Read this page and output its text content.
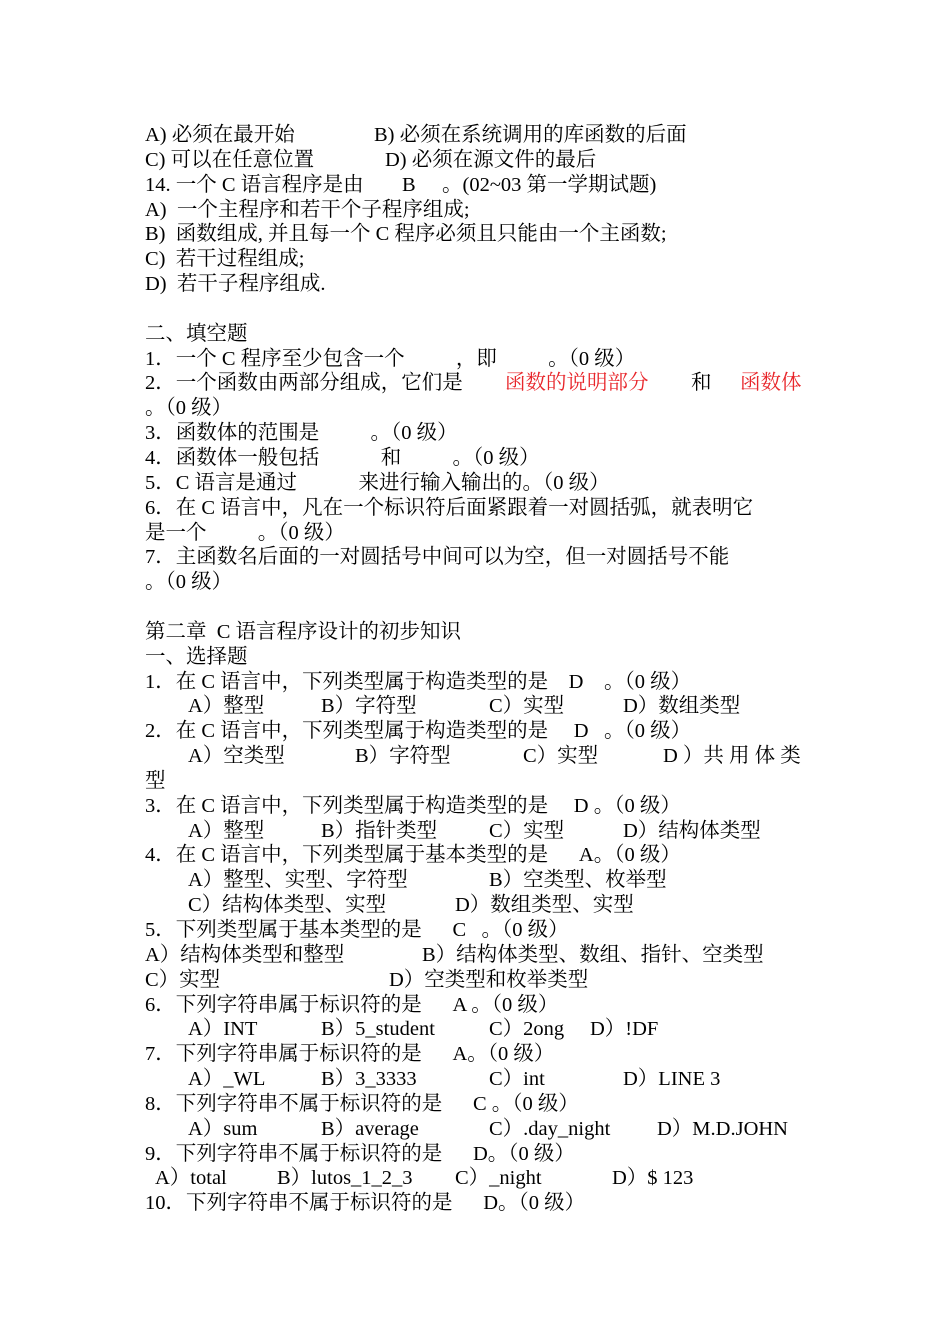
A) 必须在最开始

	B) 必须在系统调用的库函数的后面

C) 可以在任意位置

	D) 必须在源文件的最后

14. 一个 C 语言程序是由

B

。(02~03 第一学期试题)

A)  一个主程序和若干个子程序组成;
B)  函数组成, 并且每一个 C 程序必须且只能由一个主函数;
C)  若干过程组成;
D)  若干子程序组成.
二、填空题
1．一个 C 程序至少包含一个          ，即          。（0 级）

2．一个函数由两部分组成，它们是

函数的说明部分

和

函数体

。（0 级）
3．函数体的范围是          。（0 级）
4．函数体一般包括            和          。（0 级）
5．C 语言是通过            来进行输入输出的。（0 级）
6．在 C 语言中，凡在一个标识符后面紧跟着一对圆括弧，就表明它
是一个          。（0 级）
7．主函数名后面的一对圆括号中间可以为空，但一对圆括号不能
。（0 级）
第二章  C 语言程序设计的初步知识
一、选择题
1．在 C 语言中，下列类型属于构造类型的是    D    。（0 级）

A）整型

	B）字符型

	C）实型

	D）数组类型

2．在 C 语言中，下列类型属于构造类型的是     D   。（0 级）

A）空类型

	B）字符型

	C）实型

	D ）共 用 体 类

型
3．在 C 语言中，下列类型属于构造类型的是     D 。（0 级）

A）整型

	B）指针类型

	C）实型

	D）结构体类型

4．在 C 语言中，下列类型属于基本类型的是      A。（0 级）

A）整型、实型、字符型

	B）空类型、枚举型

C）结构体类型、实型

	D）数组类型、实型

5．下列类型属于基本类型的是      C   。（0 级）

A）结构体类型和整型

	B）结构体类型、数组、指针、空类型

C）实型

	D）空类型和枚举类型

6．下列字符串属于标识符的是      A 。（0 级）

A）INT

	B）5_student

	C）2ong

D）!DF

7．下列字符串属于标识符的是      A。（0 级）

A）_WL

	B）3_3333

	C）int

	D）LINE 3

8．下列字符串不属于标识符的是      C 。（0 级）

A）sum

	B）average

	C）.day_night

D）M.D.JOHN

9．下列字符串不属于标识符的是      D。（0 级）

A）total

B）lutos_1_2_3

C）_night

	D）$ 123

10．下列字符串不属于标识符的是      D。（0 级）
